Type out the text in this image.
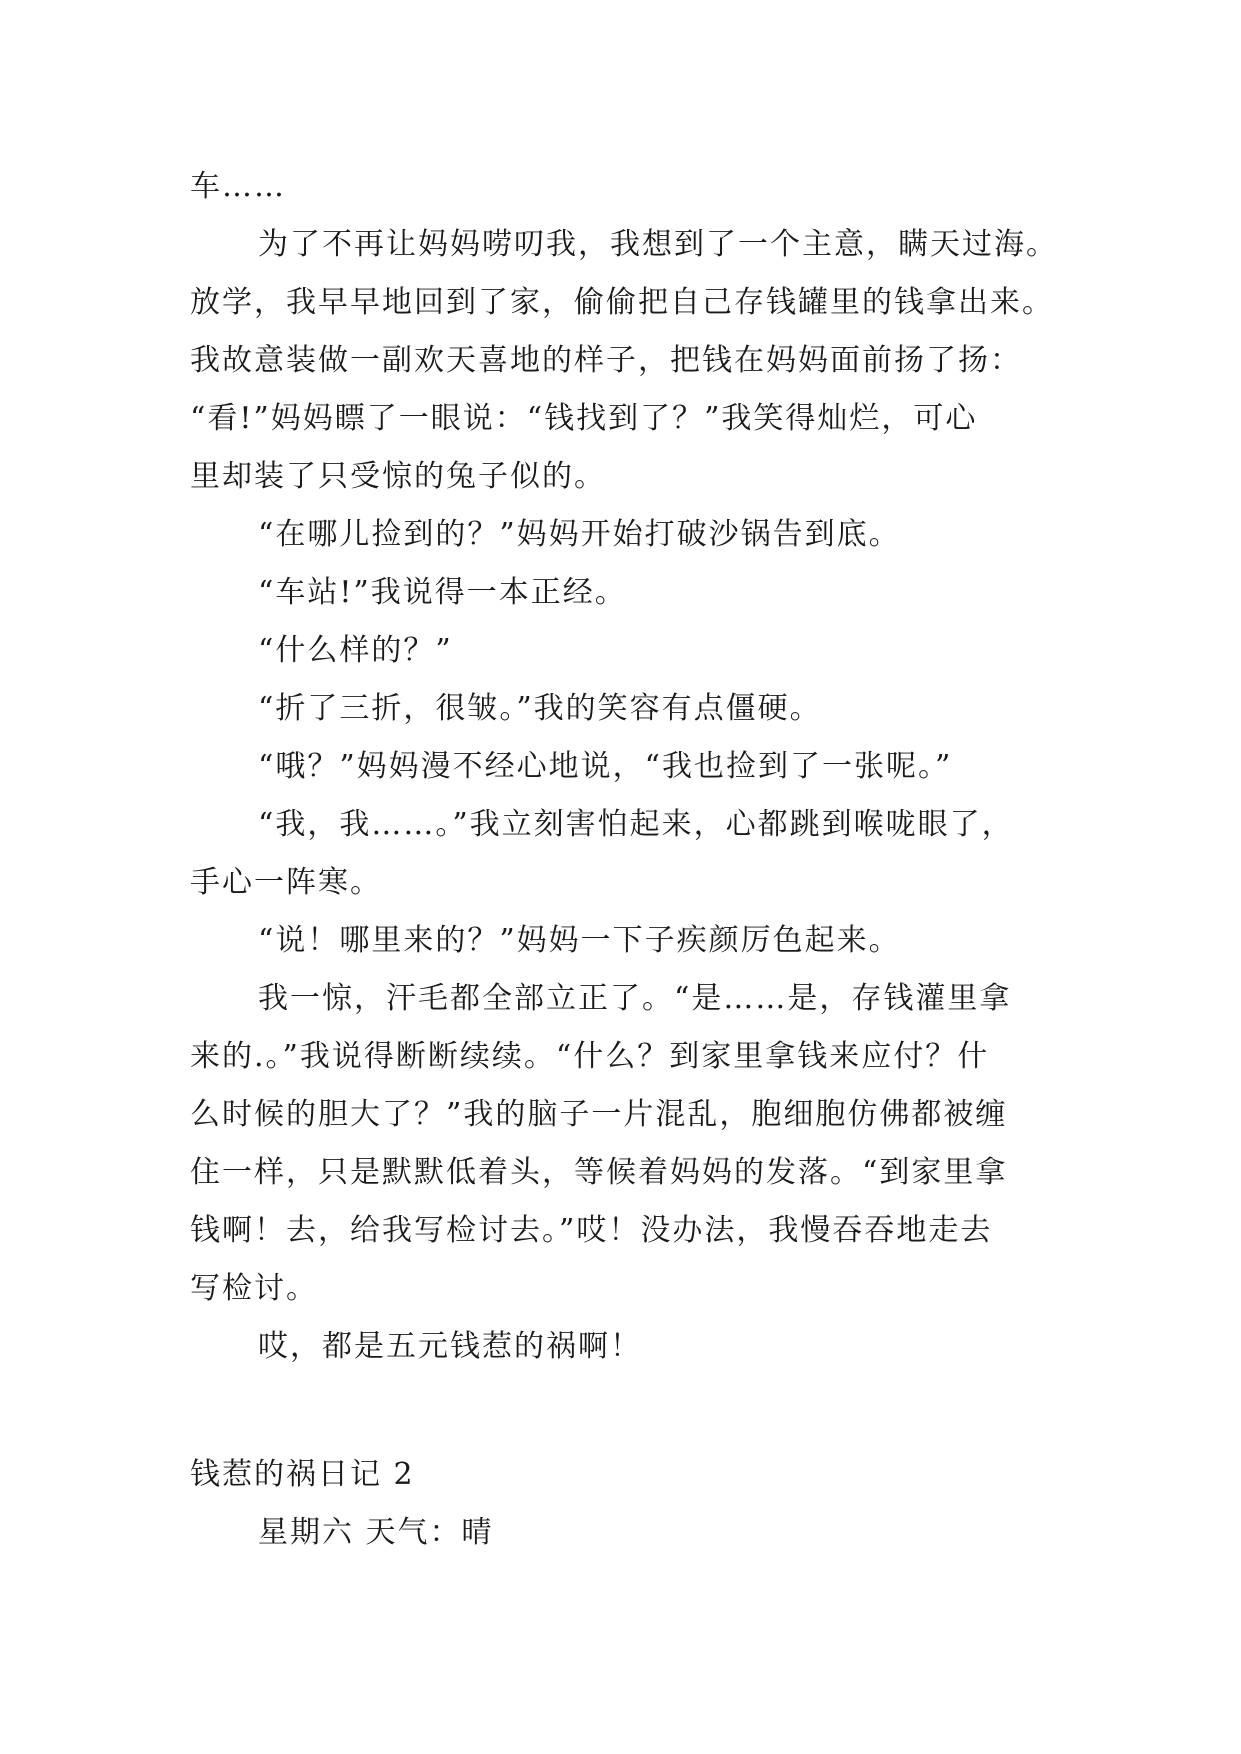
车……
为了不再让妈妈唠叨我，我想到了一个主意，瞒天过海。
放学，我早早地回到了家，偷偷把自己存钱罐里的钱拿出来。
我故意装做一副欢天喜地的样子，把钱在妈妈面前扬了扬：
“看!”妈妈瞟了一眼说：“钱找到了？”我笑得灿烂，可心
里却装了只受惊的兔子似的。
“在哪儿捡到的？”妈妈开始打破沙锅告到底。
“车站!”我说得一本正经。
“什么样的？”
“折了三折，很皱。”我的笑容有点僵硬。
“哦？”妈妈漫不经心地说，“我也捡到了一张呢。”
“我，我……。”我立刻害怕起来，心都跳到喉咙眼了，
手心一阵寒。
“说！哪里来的？”妈妈一下子疾颜厉色起来。
我一惊，汗毛都全部立正了。“是……是，存钱灌里拿
来的.。”我说得断断续续。“什么？到家里拿钱来应付？什
么时候的胆大了？”我的脑子一片混乱，胞细胞仿佛都被缠
住一样，只是默默低着头，等候着妈妈的发落。“到家里拿
钱啊！去，给我写检讨去。”哎！没办法，我慢吞吞地走去
写检讨。
哎，都是五元钱惹的祸啊！
钱惹的祸日记 2
星期六 天气：晴
